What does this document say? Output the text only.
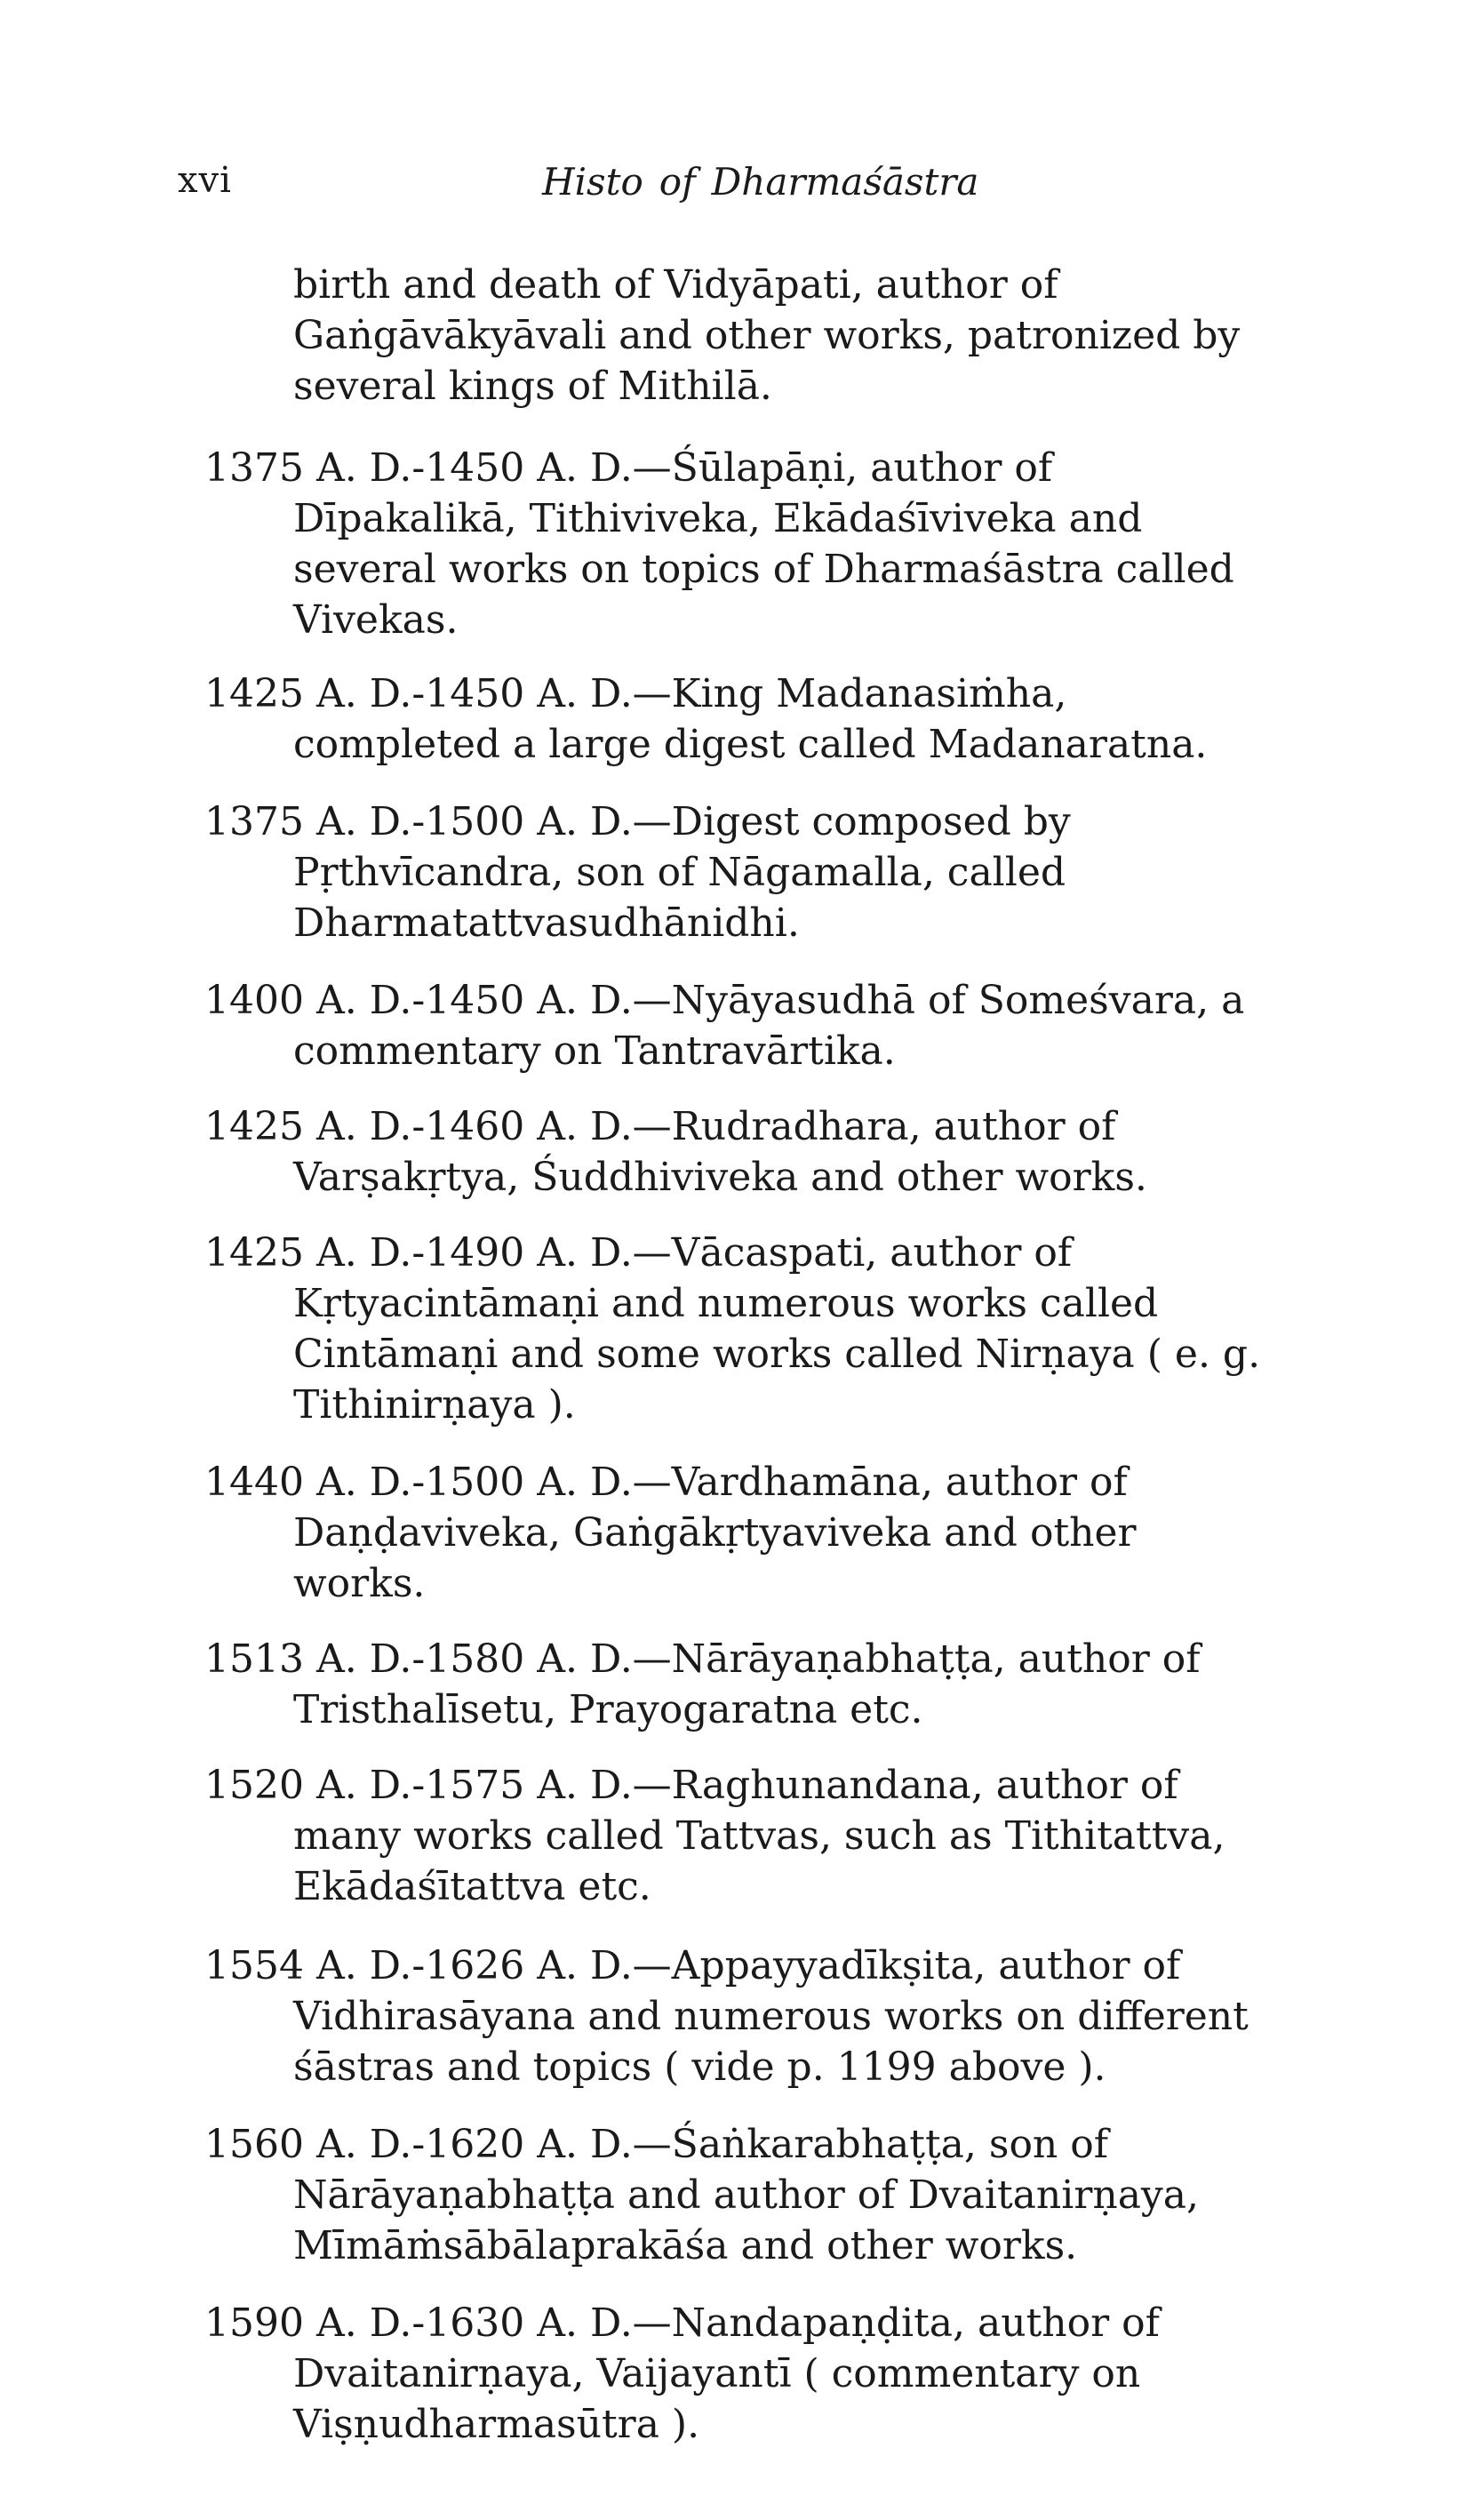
xvi	Histo of Dharmaśāstra

birth and death of Vidyāpati, author of Gaṅgāvākyāvali and other works, patronized by several kings of Mithilā.

1375 A. D.-1450 A. D.—Śūlapāṇi, author of Dīpakalikā, Tithiviveka, Ekādaśīviveka and several works on topics of Dharmaśāstra called Vivekas.

1425 A. D.-1450 A. D.—King Madanasiṁha, completed a large digest called Madanaratna.

1375 A. D.-1500 A. D.—Digest composed by Pṛthvīcandra, son of Nāgamalla, called Dharmatattvasudhānidhi.

1400 A. D.-1450 A. D.—Nyāyasudhā of Someśvara, a commentary on Tantravārtika.

1425 A. D.-1460 A. D.—Rudradhara, author of Varṣakṛtya, Śuddhiviveka and other works.

1425 A. D.-1490 A. D.—Vācaspati, author of Kṛtyacintāmaṇi and numerous works called Cintāmaṇi and some works called Nirṇaya ( e. g. Tithinirṇaya ).

1440 A. D.-1500 A. D.—Vardhamāna, author of Daṇḍaviveka, Gaṅgākṛtyaviveka and other works.

1513 A. D.-1580 A. D.—Nārāyaṇabhaṭṭa, author of Tristhalīsetu, Prayogaratna etc.

1520 A. D.-1575 A. D.—Raghunandana, author of many works called Tattvas, such as Tithitattva, Ekādaśītattva etc.

1554 A. D.-1626 A. D.—Appayyadīkṣita, author of Vidhirasāyana and numerous works on different śāstras and topics ( vide p. 1199 above ).

1560 A. D.-1620 A. D.—Śaṅkarabhaṭṭa, son of Nārāyaṇabhaṭṭa and author of Dvaitanirṇaya, Mīmāṁsābālaprakāśa and other works.

1590 A. D.-1630 A. D.—Nandapaṇḍita, author of Dvaitanirṇaya, Vaijayantī ( commentary on Viṣṇudharmasūtra ).
